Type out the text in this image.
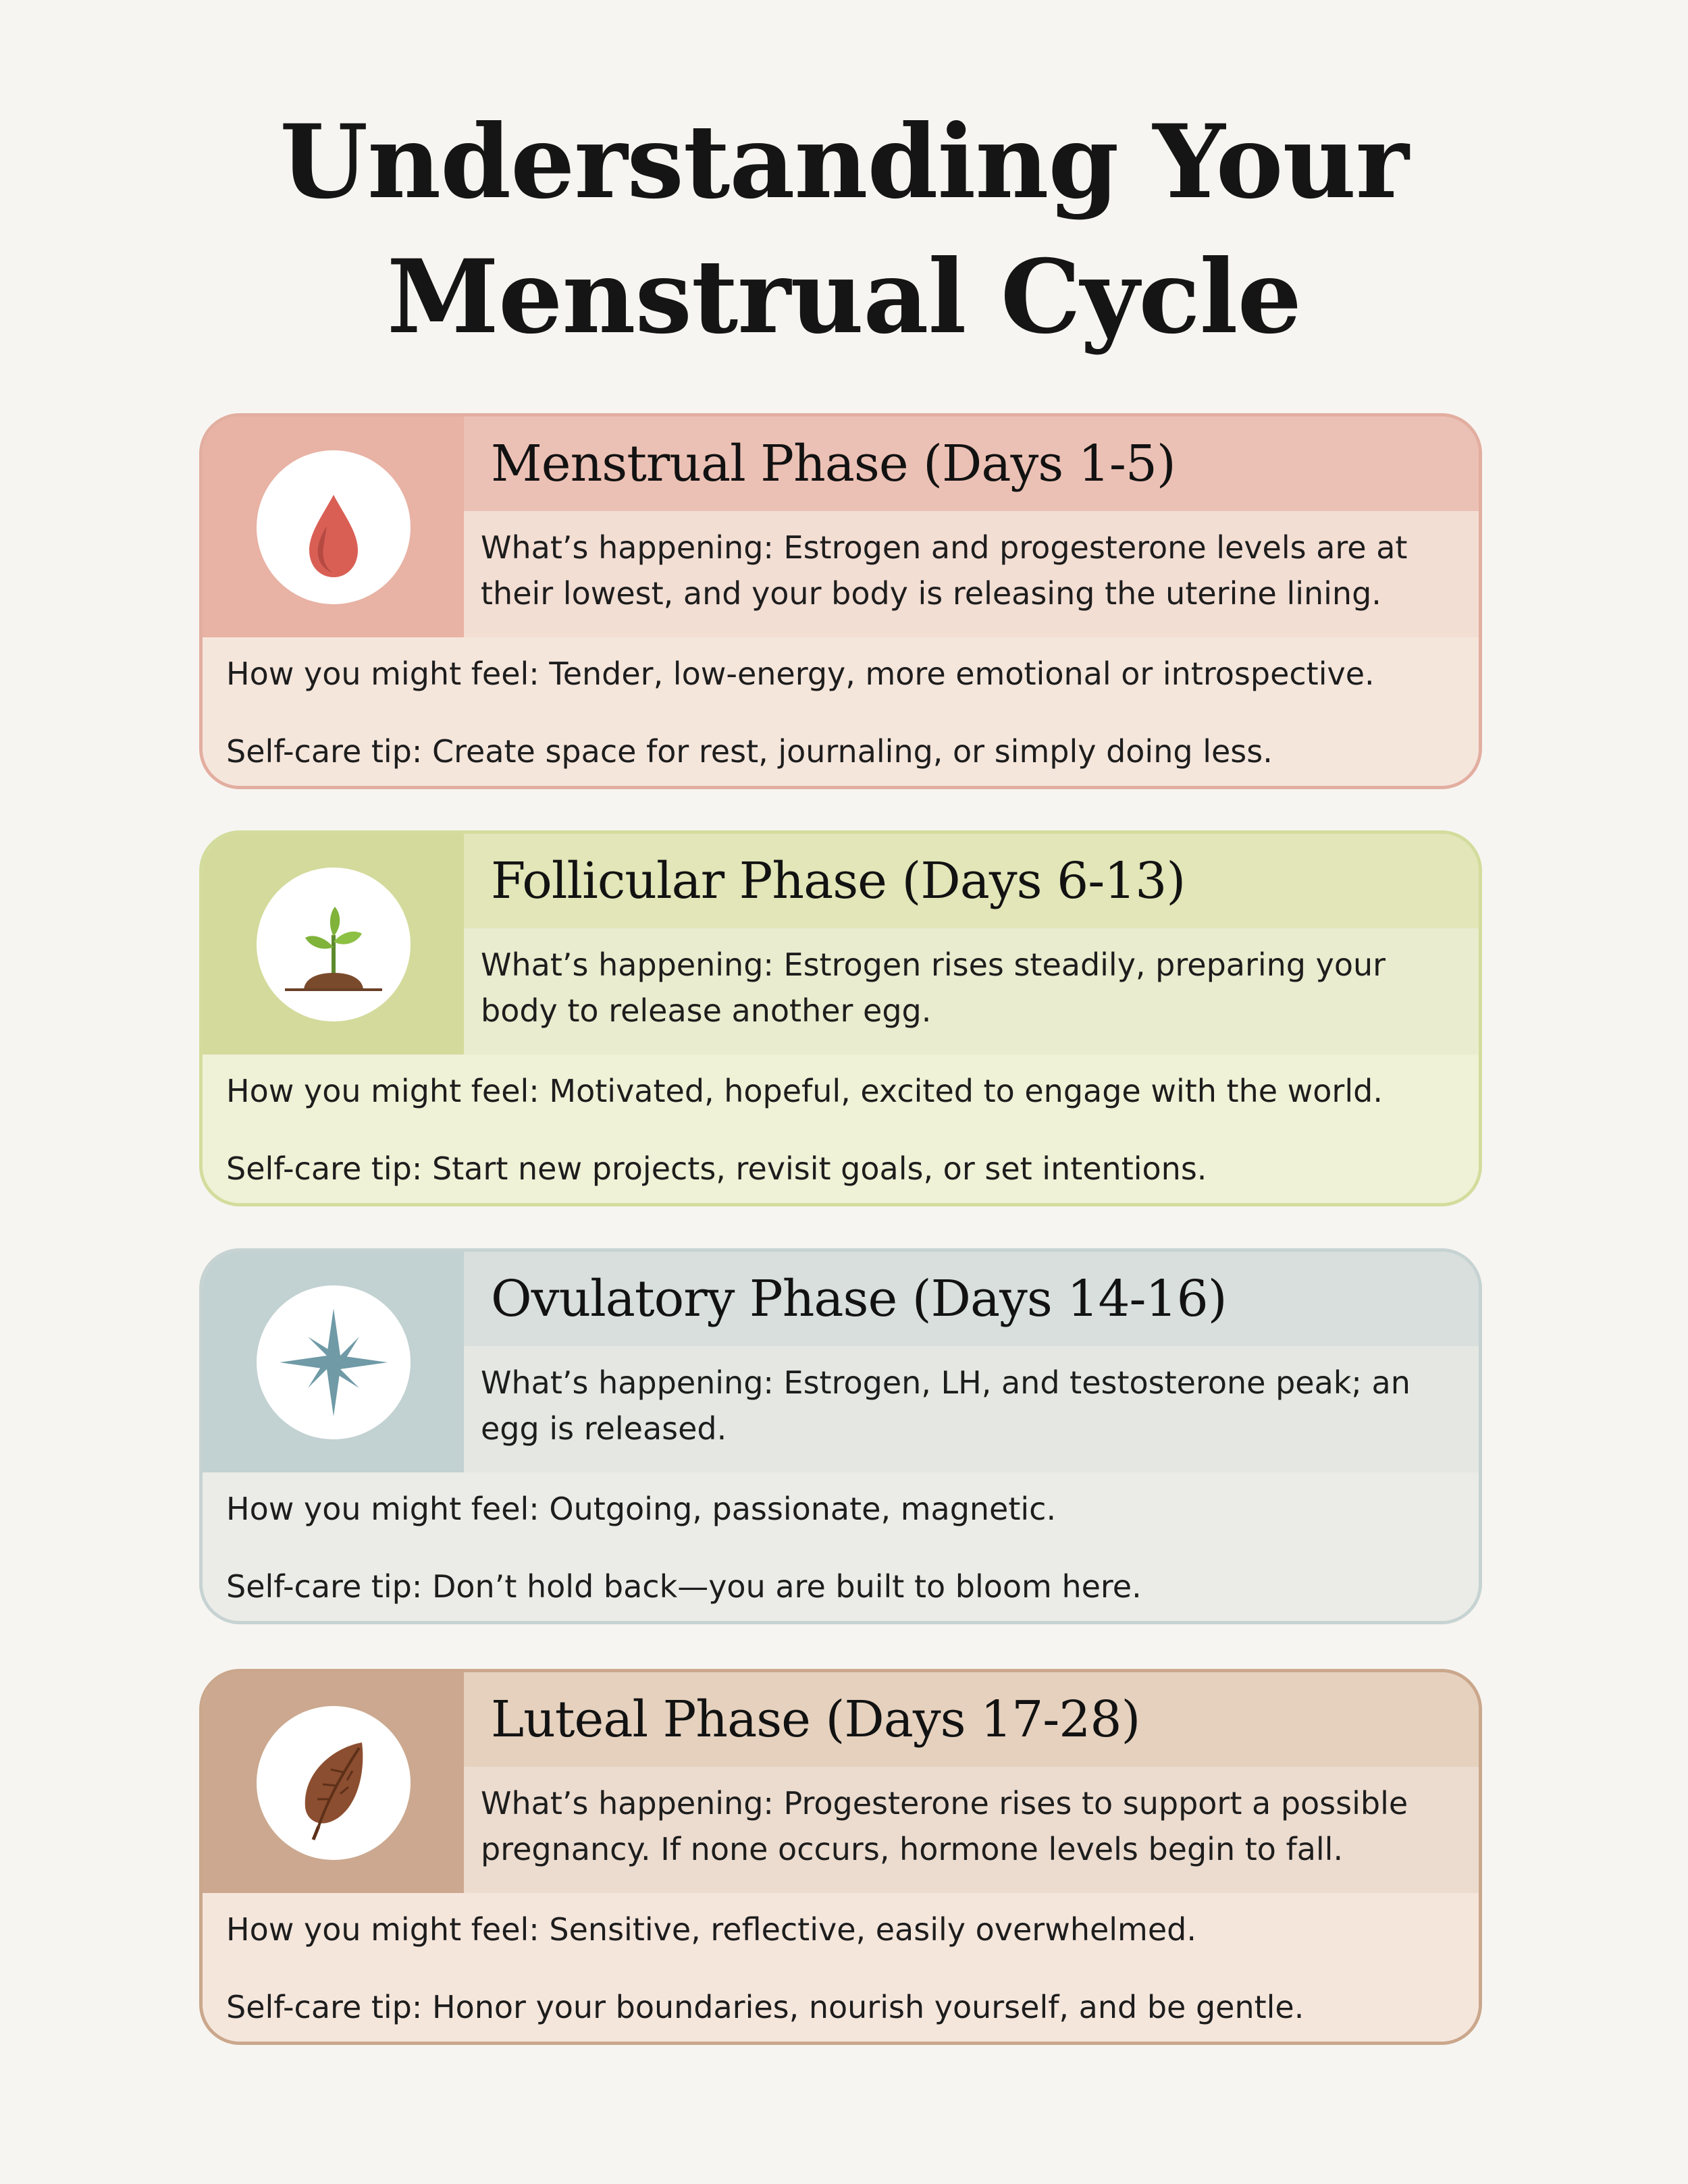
Understanding Your
Menstrual Cycle
Menstrual Phase (Days 1-5)

What’s happening: Estrogen and progesterone levels are at their lowest, and your body is releasing the uterine lining.

How you might feel: Tender, low-energy, more emotional or introspective.

Self-care tip: Create space for rest, journaling, or simply doing less.

Follicular Phase (Days 6-13)

What’s happening: Estrogen rises steadily, preparing your body to release another egg.

How you might feel: Motivated, hopeful, excited to engage with the world.

Self-care tip: Start new projects, revisit goals, or set intentions.

Ovulatory Phase (Days 14-16)

What’s happening: Estrogen, LH, and testosterone peak; an egg is released.

How you might feel: Outgoing, passionate, magnetic.

Self-care tip: Don’t hold back—you are built to bloom here.

Luteal Phase (Days 17-28)

What’s happening: Progesterone rises to support a possible pregnancy. If none occurs, hormone levels begin to fall.

How you might feel: Sensitive, reflective, easily overwhelmed.

Self-care tip: Honor your boundaries, nourish yourself, and be gentle.
